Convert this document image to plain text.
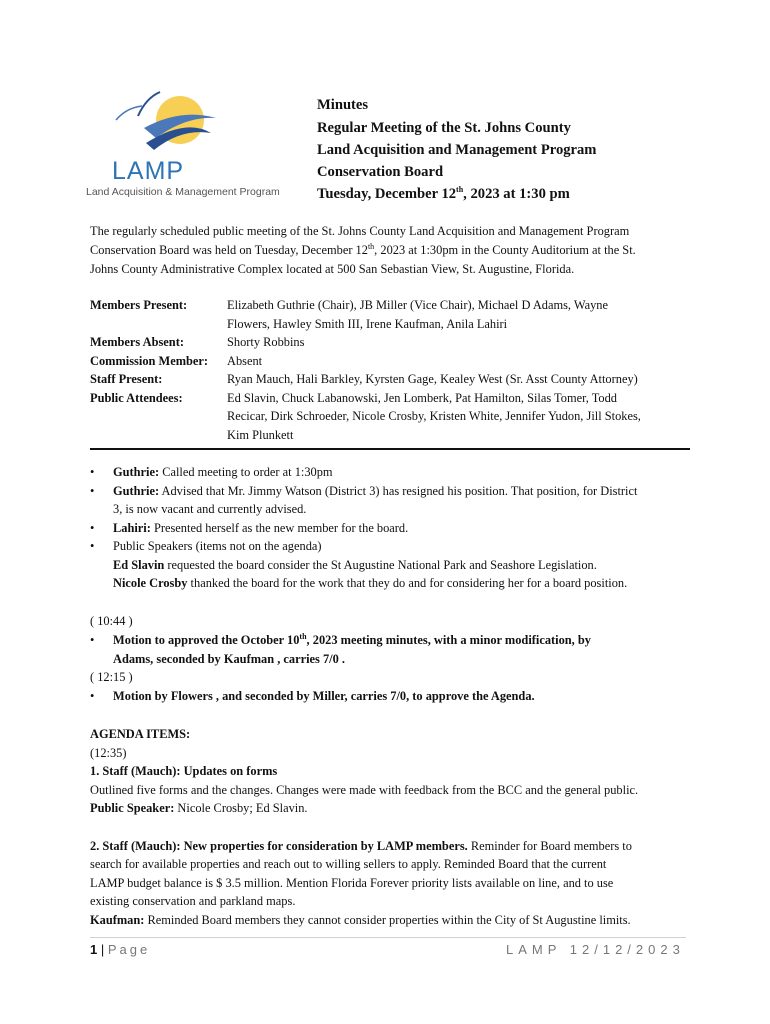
LAMP
Land Acquisition & Management Program
Minutes
Regular Meeting of the St. Johns County
Land Acquisition and Management Program
Conservation Board
Tuesday, December 12th, 2023 at 1:30 pm
The regularly scheduled public meeting of the St. Johns County Land Acquisition and Management Program
Conservation Board was held on Tuesday, December 12th, 2023 at 1:30pm in the County Auditorium at the St.
Johns County Administrative Complex located at 500 San Sebastian View, St. Augustine, Florida.
Members Present:	Elizabeth Guthrie (Chair), JB Miller (Vice Chair), Michael D Adams, Wayne
Flowers, Hawley Smith III, Irene Kaufman, Anila Lahiri
Members Absent:	Shorty Robbins
Commission Member: Absent
Staff Present:	Ryan Mauch, Hali Barkley, Kyrsten Gage, Kealey West (Sr. Asst County Attorney)
Public Attendees:	Ed Slavin, Chuck Labanowski, Jen Lomberk, Pat Hamilton, Silas Tomer, Todd
Recicar, Dirk Schroeder, Nicole Crosby, Kristen White, Jennifer Yudon, Jill Stokes,
Kim Plunkett
• Guthrie: Called meeting to order at 1:30pm
• Guthrie: Advised that Mr. Jimmy Watson (District 3) has resigned his position. That position, for District
3, is now vacant and currently advised.
• Lahiri: Presented herself as the new member for the board.
• Public Speakers (items not on the agenda)
Ed Slavin requested the board consider the St Augustine National Park and Seashore Legislation.
Nicole Crosby thanked the board for the work that they do and for considering her for a board position.
( 10:44 )
• Motion to approved the October 10th, 2023 meeting minutes, with a minor modification, by
Adams, seconded by Kaufman , carries 7/0 .
( 12:15 )
• Motion by Flowers , and seconded by Miller, carries 7/0, to approve the Agenda.
AGENDA ITEMS:
(12:35)
1. Staff (Mauch): Updates on forms
Outlined five forms and the changes. Changes were made with feedback from the BCC and the general public.
Public Speaker: Nicole Crosby; Ed Slavin.
2. Staff (Mauch): New properties for consideration by LAMP members. Reminder for Board members to
search for available properties and reach out to willing sellers to apply. Reminded Board that the current
LAMP budget balance is $ 3.5 million. Mention Florida Forever priority lists available on line, and to use
existing conservation and parkland maps.
Kaufman: Reminded Board members they cannot consider properties within the City of St Augustine limits.
1 | Page	LAMP 12/12/2023
